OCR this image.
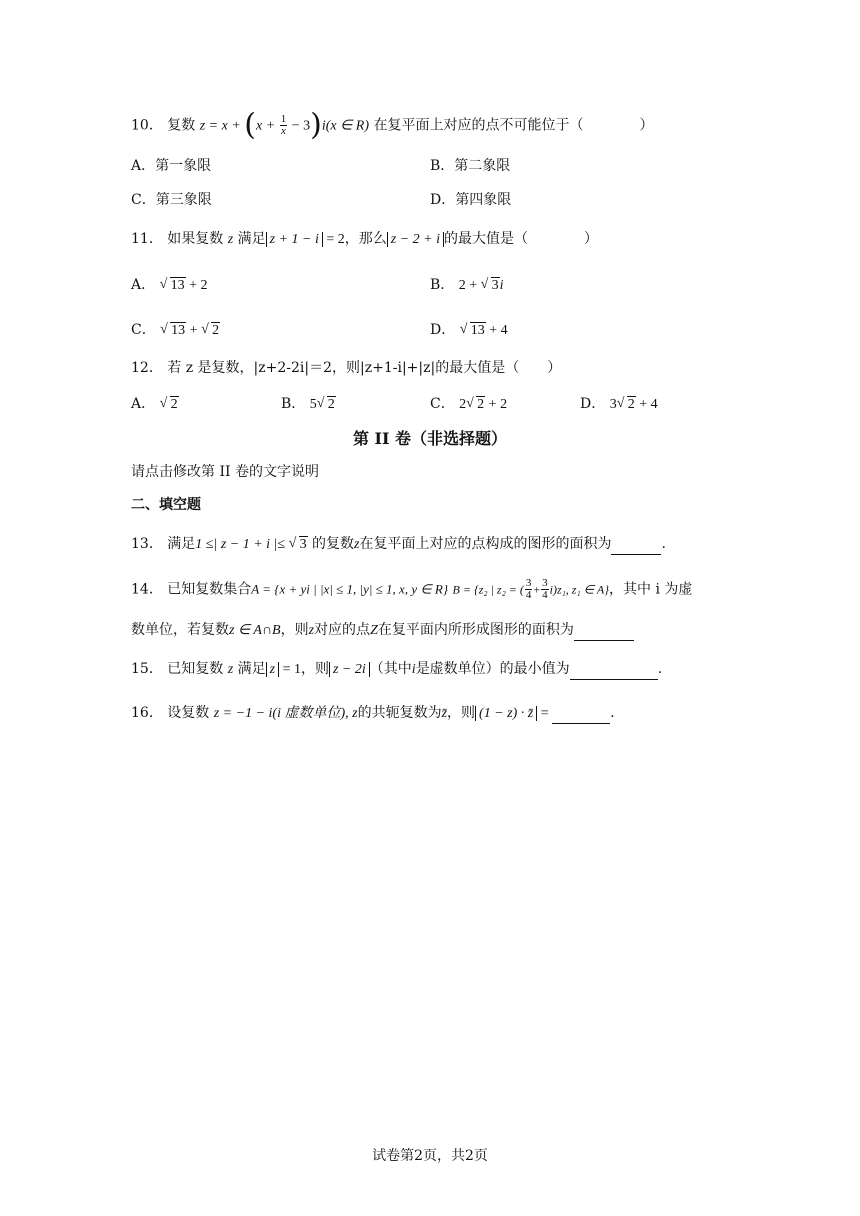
10． 复数 $z = x + (x + \frac{1}{x} - 3)i(x$ ∈ R) 在复平面上对应的点不可能位于（　　　　）
A．第一象限	B．第二象限
C．第三象限	D．第四象限
11． 如果复数 z 满足 z + 1 − i = 2，那么 z − 2 + i 的最大值是（　　　　）
A． √ 13 + 2	B． 2 + √ 3i
C． √ 13 + √ 2	D． √ 13 + 4
12． 若 z 是复数，|z+2-2i|＝2，则|z+1-i|+|z|的最大值是（　　）
A． √ 2	B． 5 √ 2	C． 2 √ 2 + 2	D． 3 √ 2 + 4
第 II 卷（非选择题）
请点击修改第 II 卷的文字说明
二、填空题
13． 满足1 ≤| z − 1 + i |≤ √ 3 的复数z在复平面上对应的点构成的图形的面积为	.
14． 已知复数集合A = {x + yi | |x| ≤ 1, |y| ≤ 1, x, y ∈ R} B = {z₂ | z₂ = ( $\frac{3}{4} + \frac{3}{4} i)z_1$, z₁ ∈ A}，其中 i 为虚
数单位，若复数z ∈ A∩B，则z对应的点Z在复平面内所形成图形的面积为
15． 已知复数 z 满足 z = 1，则 z − 2i （其中i是虚数单位）的最小值为	.
16． 设复数 z = −1 − i(i 虚数单位), z的共轭复数为z̄，则 (1 − z) · z̄ =	.
试卷第2页，共2页
